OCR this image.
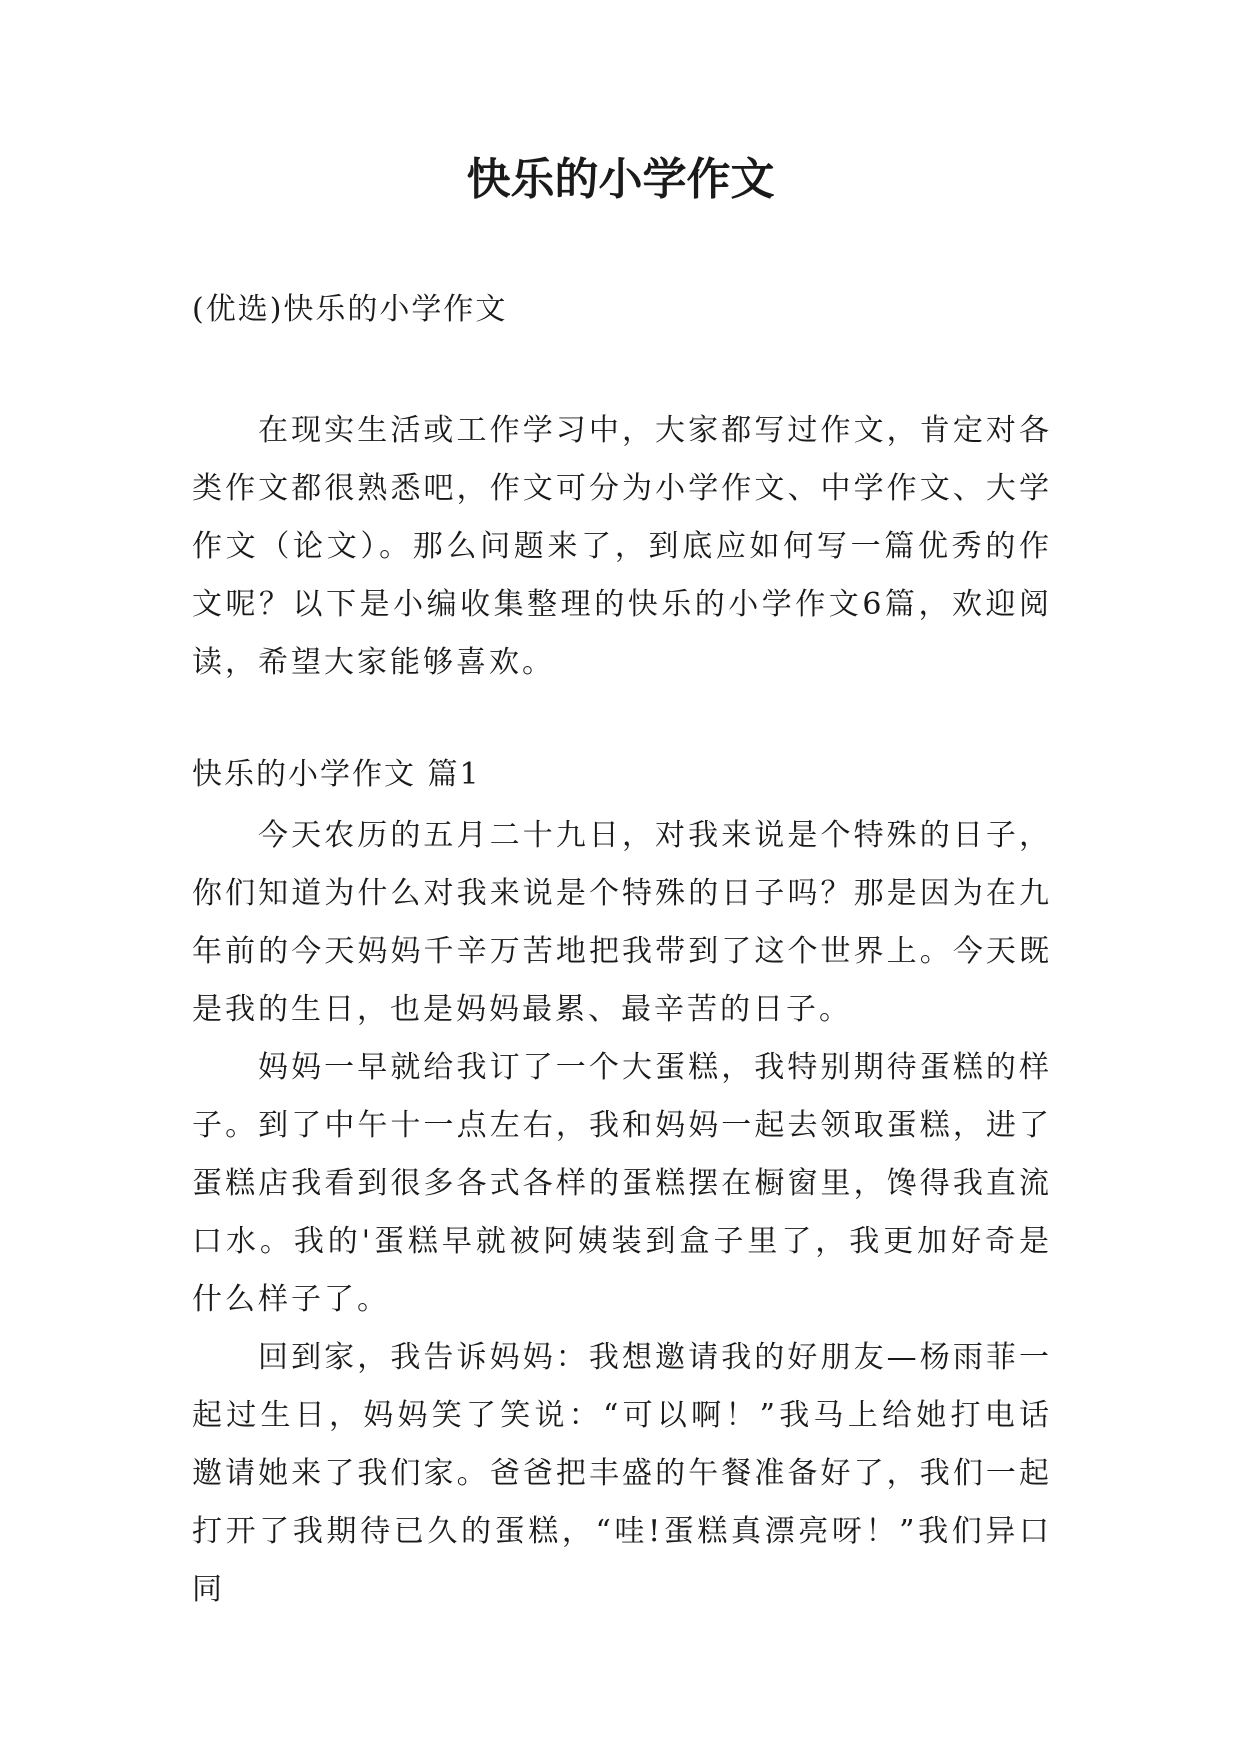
快乐的小学作文

(优选)快乐的小学作文

在现实生活或工作学习中，大家都写过作文，肯定对各类作文都很熟悉吧，作文可分为小学作文、中学作文、大学作文（论文）。那么问题来了，到底应如何写一篇优秀的作文呢？以下是小编收集整理的快乐的小学作文6篇，欢迎阅读，希望大家能够喜欢。

快乐的小学作文 篇1

今天农历的五月二十九日，对我来说是个特殊的日子，你们知道为什么对我来说是个特殊的日子吗？那是因为在九年前的今天妈妈千辛万苦地把我带到了这个世界上。今天既是我的生日，也是妈妈最累、最辛苦的日子。

妈妈一早就给我订了一个大蛋糕，我特别期待蛋糕的样子。到了中午十一点左右，我和妈妈一起去领取蛋糕，进了蛋糕店我看到很多各式各样的蛋糕摆在橱窗里，馋得我直流口水。我的'蛋糕早就被阿姨装到盒子里了，我更加好奇是什么样子了。

回到家，我告诉妈妈：我想邀请我的好朋友—杨雨菲一起过生日，妈妈笑了笑说：“可以啊！”我马上给她打电话邀请她来了我们家。爸爸把丰盛的午餐准备好了，我们一起打开了我期待已久的蛋糕，“哇!蛋糕真漂亮呀！”我们异口同
